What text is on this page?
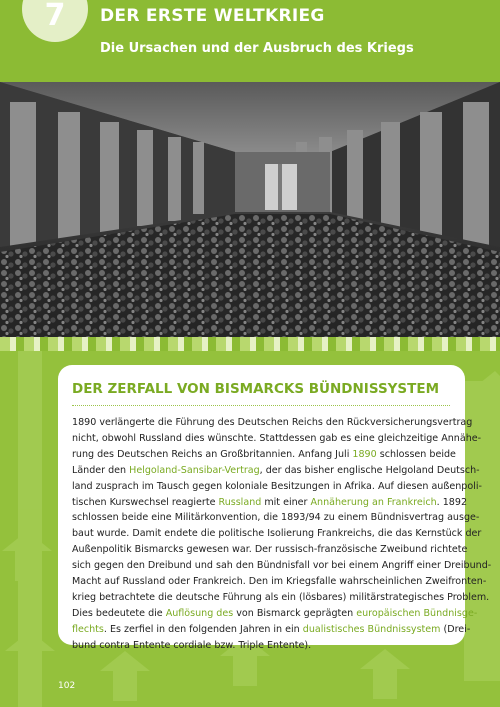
7	DER ERSTE WELTKRIEG
Die Ursachen und der Ausbruch des Kriegs
DER ZERFALL VON BISMARCKS BÜNDNISSYSTEM
1890 verlängerte die Führung des Deutschen Reichs den Rückversicherungsvertrag
nicht, obwohl Russland dies wünschte. Stattdessen gab es eine gleichzeitige Annähe-
rung des Deutschen Reichs an Großbritannien. Anfang Juli 1890 schlossen beide
Länder den Helgoland-Sansibar-Vertrag, der das bisher englische Helgoland Deutsch-
land zusprach im Tausch gegen koloniale Besitzungen in Afrika. Auf diesen außenpoli-
tischen Kurswechsel reagierte Russland mit einer Annäherung an Frankreich. 1892
schlossen beide eine Militärkonvention, die 1893/94 zu einem Bündnisvertrag ausge-
baut wurde. Damit endete die politische Isolierung Frankreichs, die das Kernstück der
Außenpolitik Bismarcks gewesen war. Der russisch-französische Zweibund richtete
sich gegen den Dreibund und sah den Bündnisfall vor bei einem Angriff einer Dreibund-
Macht auf Russland oder Frankreich. Den im Kriegsfalle wahrscheinlichen Zweifronten-
krieg betrachtete die deutsche Führung als ein (lösbares) militärstrategisches Problem.
Dies bedeutete die Auflösung des von Bismarck geprägten europäischen Bündnisge-
flechts. Es zerfiel in den folgenden Jahren in ein dualistisches Bündnissystem (Drei-
bund contra Entente cordiale bzw. Triple Entente).
102
